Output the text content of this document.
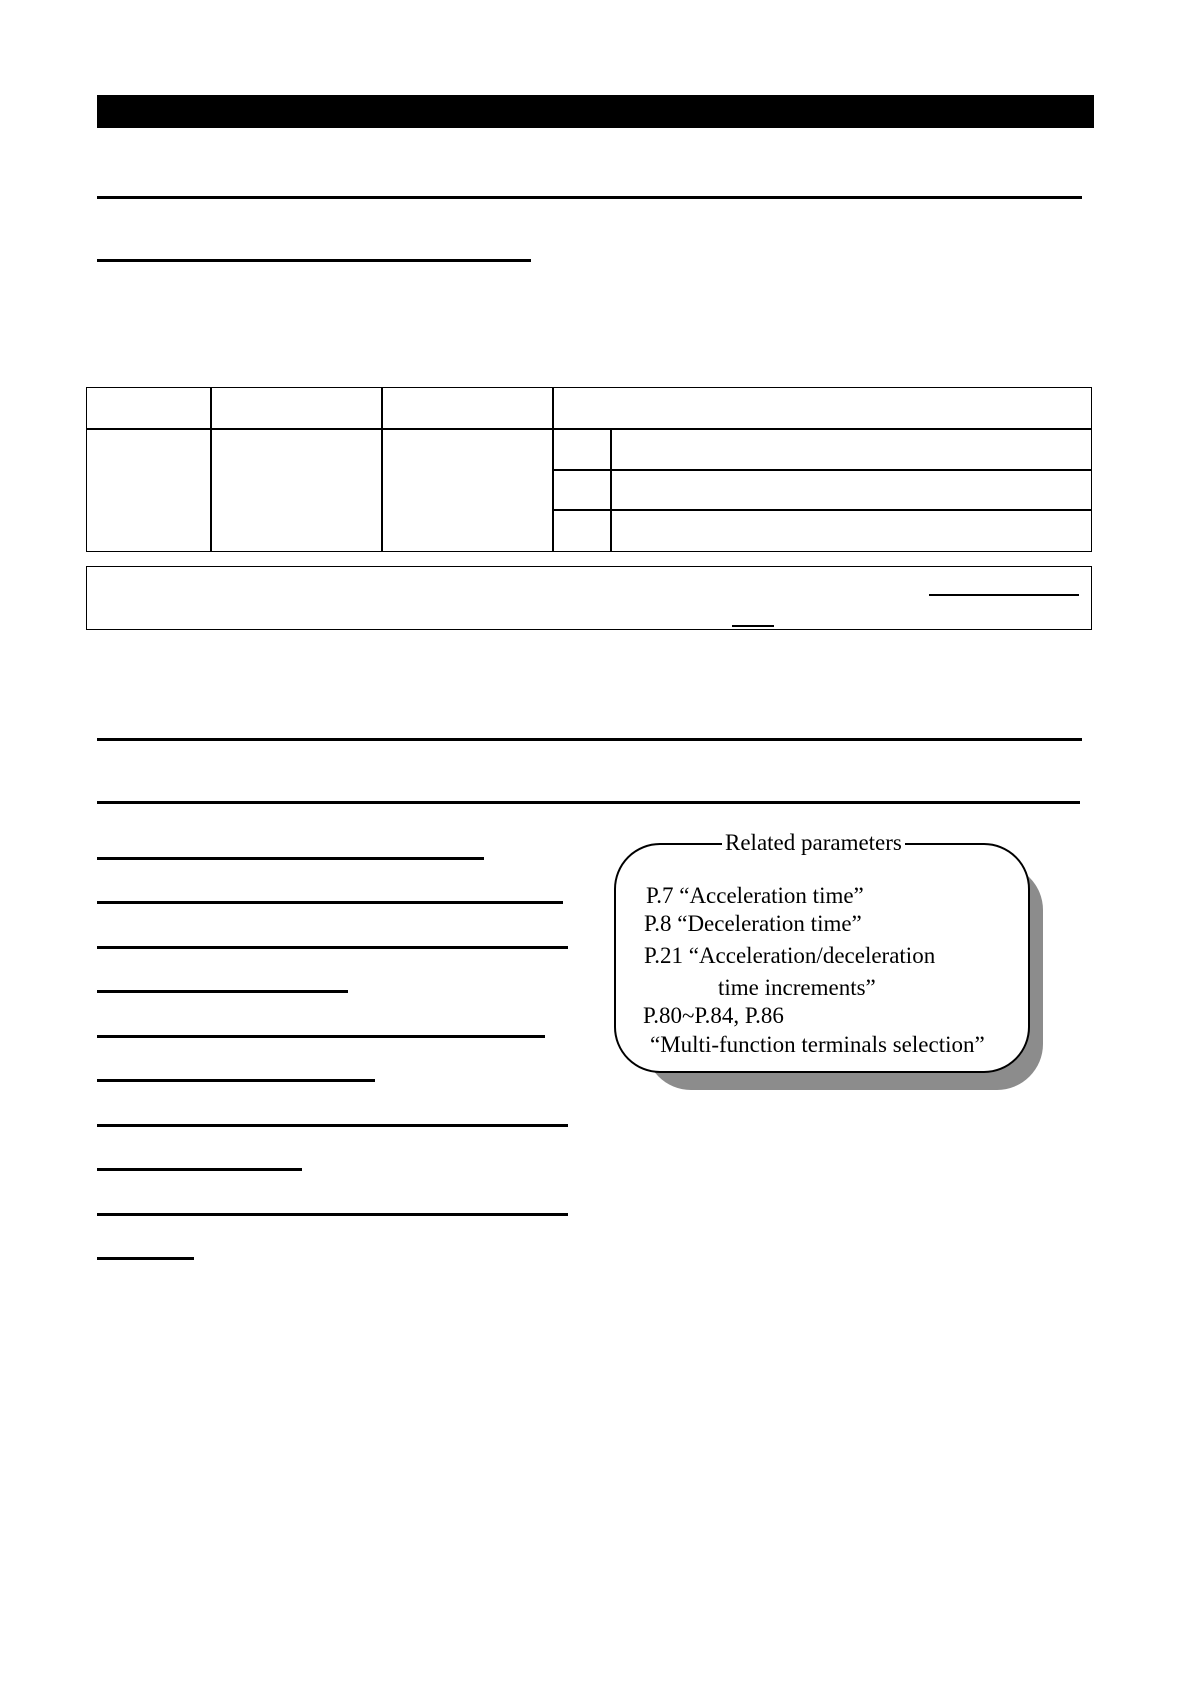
Related parameters
P.7 “Acceleration time”
P.8 “Deceleration time”
P.21 “Acceleration/deceleration
time increments”
P.80~P.84, P.86
“Multi-function terminals selection”
